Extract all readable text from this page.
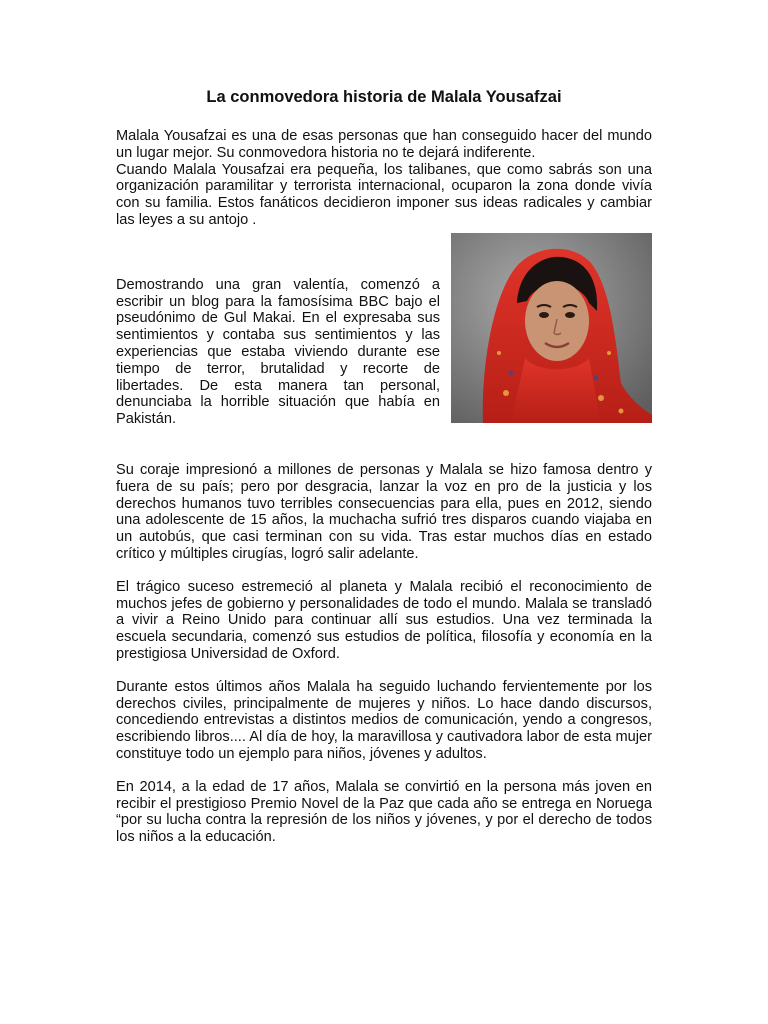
La conmovedora historia de Malala Yousafzai

Malala Yousafzai es una de esas personas que han conseguido hacer del mundo un lugar mejor. Su conmovedora historia no te dejará indiferente.

Cuando Malala Yousafzai era pequeña, los talibanes, que como sabrás son una organización paramilitar y terrorista internacional, ocuparon la zona donde vivía con su familia. Estos fanáticos decidieron imponer sus ideas radicales y cambiar las leyes a su antojo .

Demostrando una gran valentía, comenzó a escribir un blog para la famosísima BBC bajo el pseudónimo de Gul Makai. En el expresaba sus sentimientos y contaba sus sentimientos y las experiencias que estaba viviendo durante ese tiempo de terror, brutalidad y recorte de libertades. De esta manera tan personal, denunciaba la horrible situación que había en Pakistán.

Su coraje impresionó a millones de personas y Malala se hizo famosa dentro y fuera de su país; pero por desgracia, lanzar la voz en pro de la justicia y los derechos humanos tuvo terribles consecuencias para ella, pues en 2012, siendo una adolescente de 15 años, la muchacha sufrió tres disparos cuando viajaba en un autobús, que casi terminan con su vida. Tras estar muchos días en estado crítico y múltiples cirugías, logró salir adelante.

El trágico suceso estremeció al planeta y Malala recibió el reconocimiento de muchos jefes de gobierno y personalidades de todo el mundo. Malala se transladó a vivir a Reino Unido para continuar allí sus estudios. Una vez terminada la escuela secundaria, comenzó sus estudios de política, filosofía y economía en la prestigiosa Universidad de Oxford.

Durante estos últimos años Malala ha seguido luchando fervientemente por los derechos civiles, principalmente de mujeres y niños. Lo hace dando discursos, concediendo entrevistas a distintos medios de comunicación, yendo a congresos, escribiendo libros.... Al día de hoy, la maravillosa y cautivadora labor de esta mujer constituye todo un ejemplo para niños, jóvenes y adultos.

En 2014, a la edad de 17 años, Malala se convirtió en la persona más joven en recibir el prestigioso Premio Novel de la Paz que cada año se entrega en Noruega “por su lucha contra la represión de los niños y jóvenes, y por el derecho de todos los niños a la educación.
